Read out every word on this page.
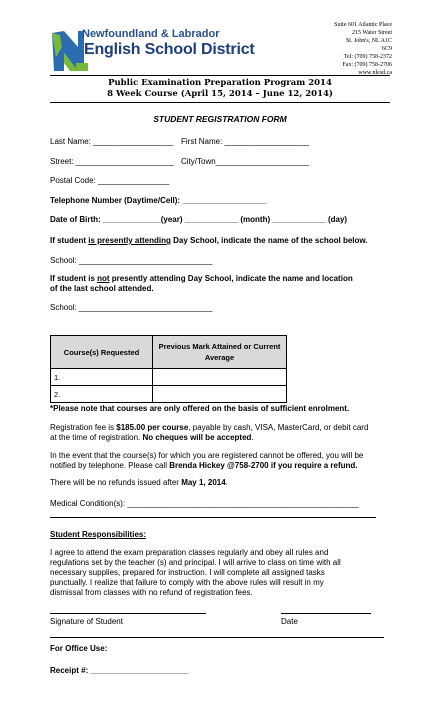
Newfoundland & Labrador
English School District
Suite 601 Atlantic Place
215 Water Street
St. John's, NL A1C
6C9
Tel: (709) 758-2372
Fax: (709) 758-2706
www.nlesd.ca
Public Examination Preparation Program 2014
8 Week Course (April 15, 2014 – June 12, 2014)
STUDENT REGISTRATION FORM
Last Name: __________________ First Name: ___________________
Street: ______________________ City/Town_____________________
Postal Code: ________________
Telephone Number (Daytime/Cell): ___________________
Date of Birth: _____________(year) ____________ (month) ____________ (day)
If student is presently attending Day School, indicate the name of the school below.
School: ______________________________
If student is not presently attending Day School, indicate the name and location
of the last school attended.
School: ______________________________
Course(s) Requested	Previous Mark Attained or Current Average

1.	
2.	
*Please note that courses are only offered on the basis of sufficient enrolment.
Registration fee is $185.00 per course, payable by cash, VISA, MasterCard, or debit card
at the time of registration. No cheques will be accepted.
In the event that the course(s) for which you are registered cannot be offered, you will be
notified by telephone. Please call Brenda Hickey @758-2700 if you require a refund.
There will be no refunds issued after May 1, 2014.
Medical Condition(s): ____________________________________________________
Student Responsibilities:
I agree to attend the exam preparation classes regularly and obey all rules and
regulations set by the teacher (s) and principal. I will arrive to class on time with all
necessary supplies, prepared for instruction. I will complete all assigned tasks
punctually. I realize that failure to comply with the above rules will result in my
dismissal from classes with no refund of registration fees.
Signature of Student	Date
For Office Use:
Receipt #: ______________________
